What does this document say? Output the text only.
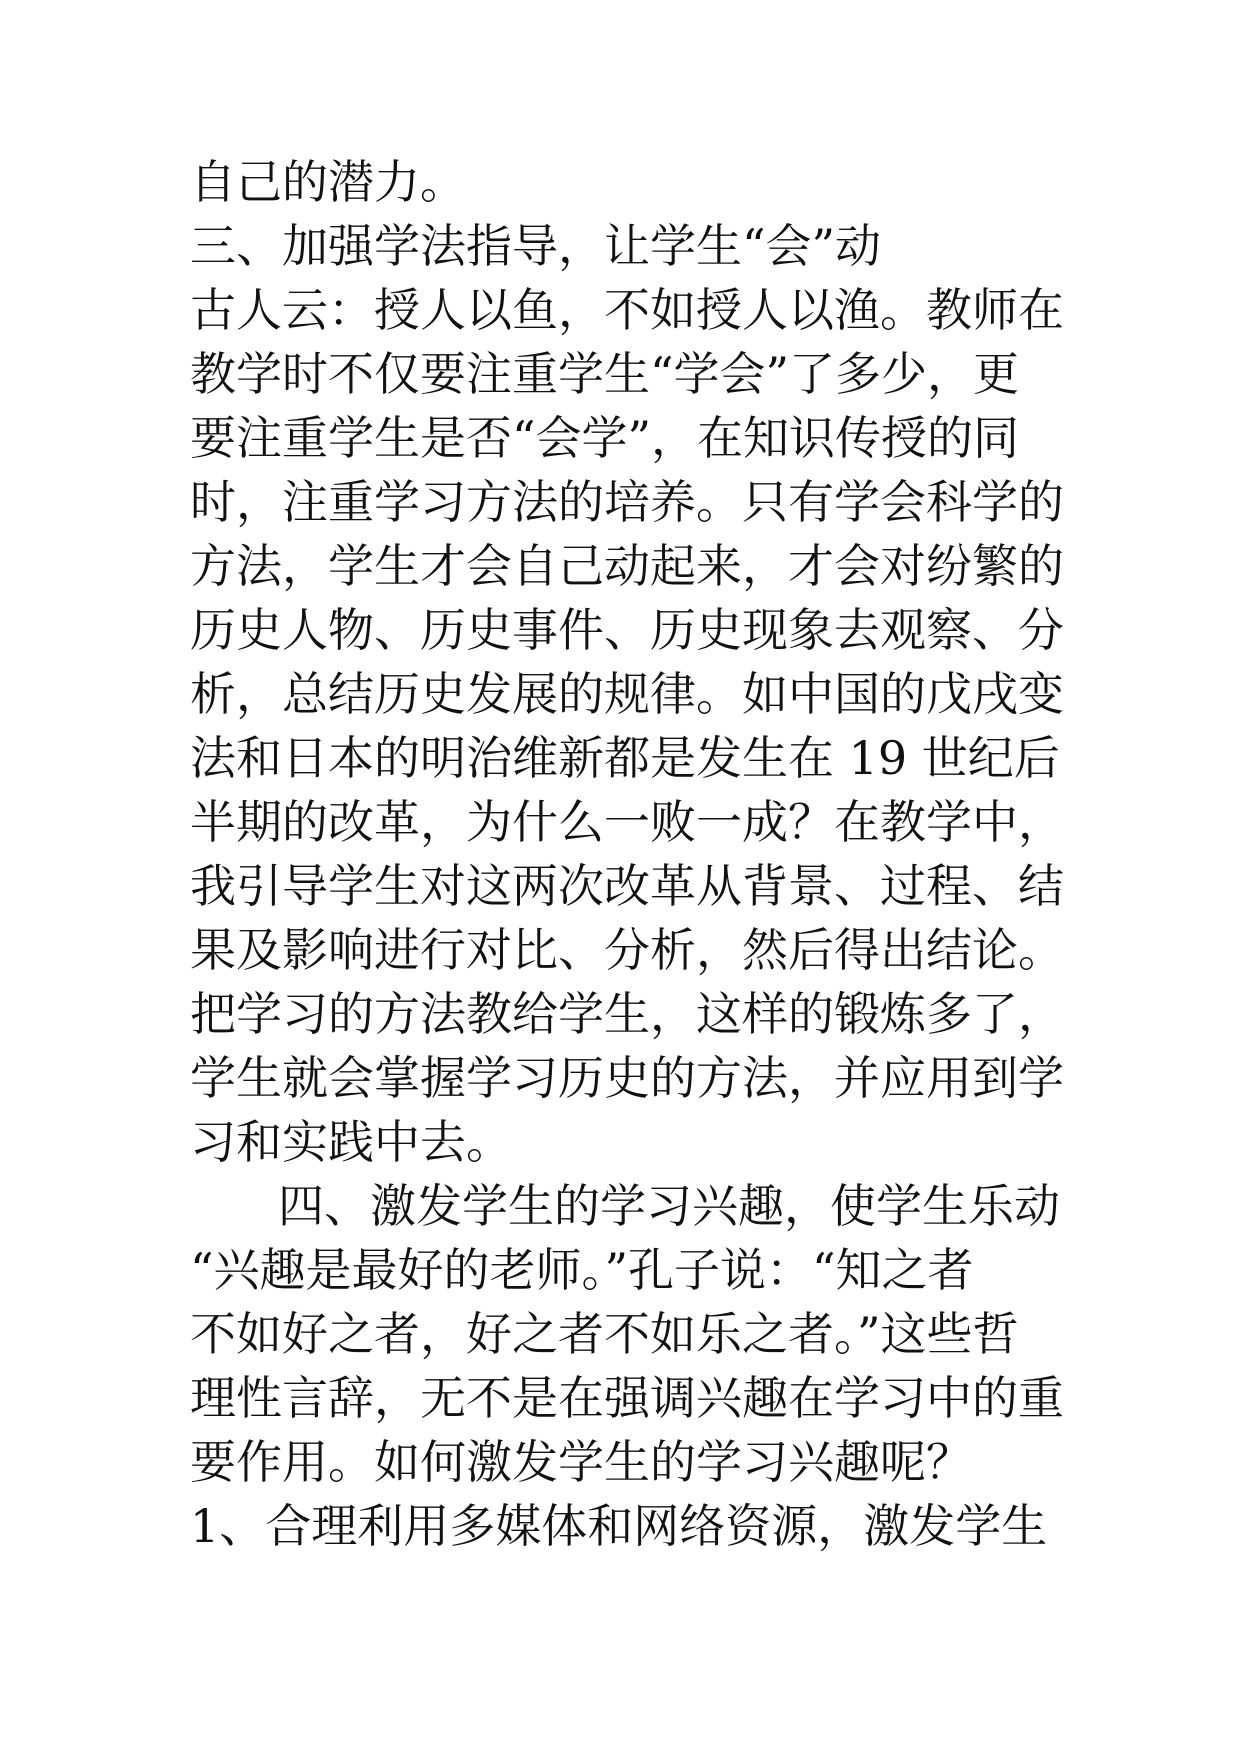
自己的潜力。
三、加强学法指导，让学生“会”动
古人云：授人以鱼，不如授人以渔。教师在
教学时不仅要注重学生“学会”了多少，更
要注重学生是否“会学”，在知识传授的同
时，注重学习方法的培养。只有学会科学的
方法，学生才会自己动起来，才会对纷繁的
历史人物、历史事件、历史现象去观察、分
析，总结历史发展的规律。如中国的戊戌变
法和日本的明治维新都是发生在 19 世纪后
半期的改革，为什么一败一成？在教学中，
我引导学生对这两次改革从背景、过程、结
果及影响进行对比、分析，然后得出结论。
把学习的方法教给学生，这样的锻炼多了，
学生就会掌握学习历史的方法，并应用到学
习和实践中去。
四、激发学生的学习兴趣，使学生乐动
“兴趣是最好的老师。”孔子说：“知之者
不如好之者，好之者不如乐之者。”这些哲
理性言辞，无不是在强调兴趣在学习中的重
要作用。如何激发学生的学习兴趣呢？
1、合理利用多媒体和网络资源，激发学生
